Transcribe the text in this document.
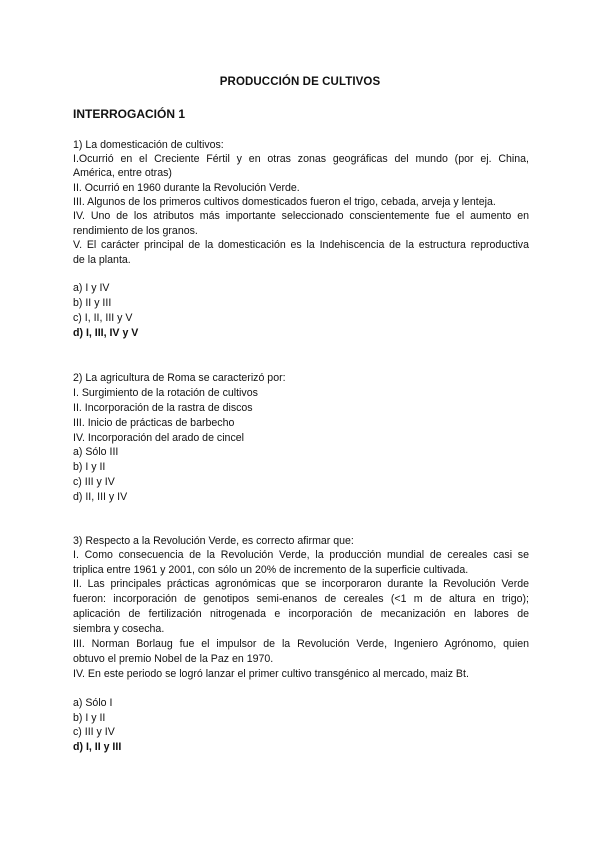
PRODUCCIÓN DE CULTIVOS
INTERROGACIÓN 1
1) La domesticación de cultivos:
I.Ocurrió en el Creciente Fértil y en otras zonas geográficas del mundo (por ej. China,
América, entre otras)
II. Ocurrió en 1960 durante la Revolución Verde.
III. Algunos de los primeros cultivos domesticados fueron el trigo, cebada, arveja y lenteja.
IV. Uno de los atributos más importante seleccionado conscientemente fue el aumento en
rendimiento de los granos.
V. El carácter principal de la domesticación es la Indehiscencia de la estructura reproductiva
de la planta.
a) I y IV
b) II y III
c) I, II, III y V
d) I, III, IV y V
2) La agricultura de Roma se caracterizó por:
I. Surgimiento de la rotación de cultivos
II. Incorporación de la rastra de discos
III. Inicio de prácticas de barbecho
IV. Incorporación del arado de cincel
a) Sólo III
b) I y II
c) III y IV
d) II, III y IV
3) Respecto a la Revolución Verde, es correcto afirmar que:
I. Como consecuencia de la Revolución Verde, la producción mundial de cereales casi se
triplica entre 1961 y 2001, con sólo un 20% de incremento de la superficie cultivada.
II. Las principales prácticas agronómicas que se incorporaron durante la Revolución Verde
fueron: incorporación de genotipos semi-enanos de cereales (<1 m de altura en trigo);
aplicación de fertilización nitrogenada e incorporación de mecanización en labores de
siembra y cosecha.
III. Norman Borlaug fue el impulsor de la Revolución Verde, Ingeniero Agrónomo, quien
obtuvo el premio Nobel de la Paz en 1970.
IV. En este periodo se logró lanzar el primer cultivo transgénico al mercado, maiz Bt.
a) Sólo I
b) I y II
c) III y IV
d) I, II y III
